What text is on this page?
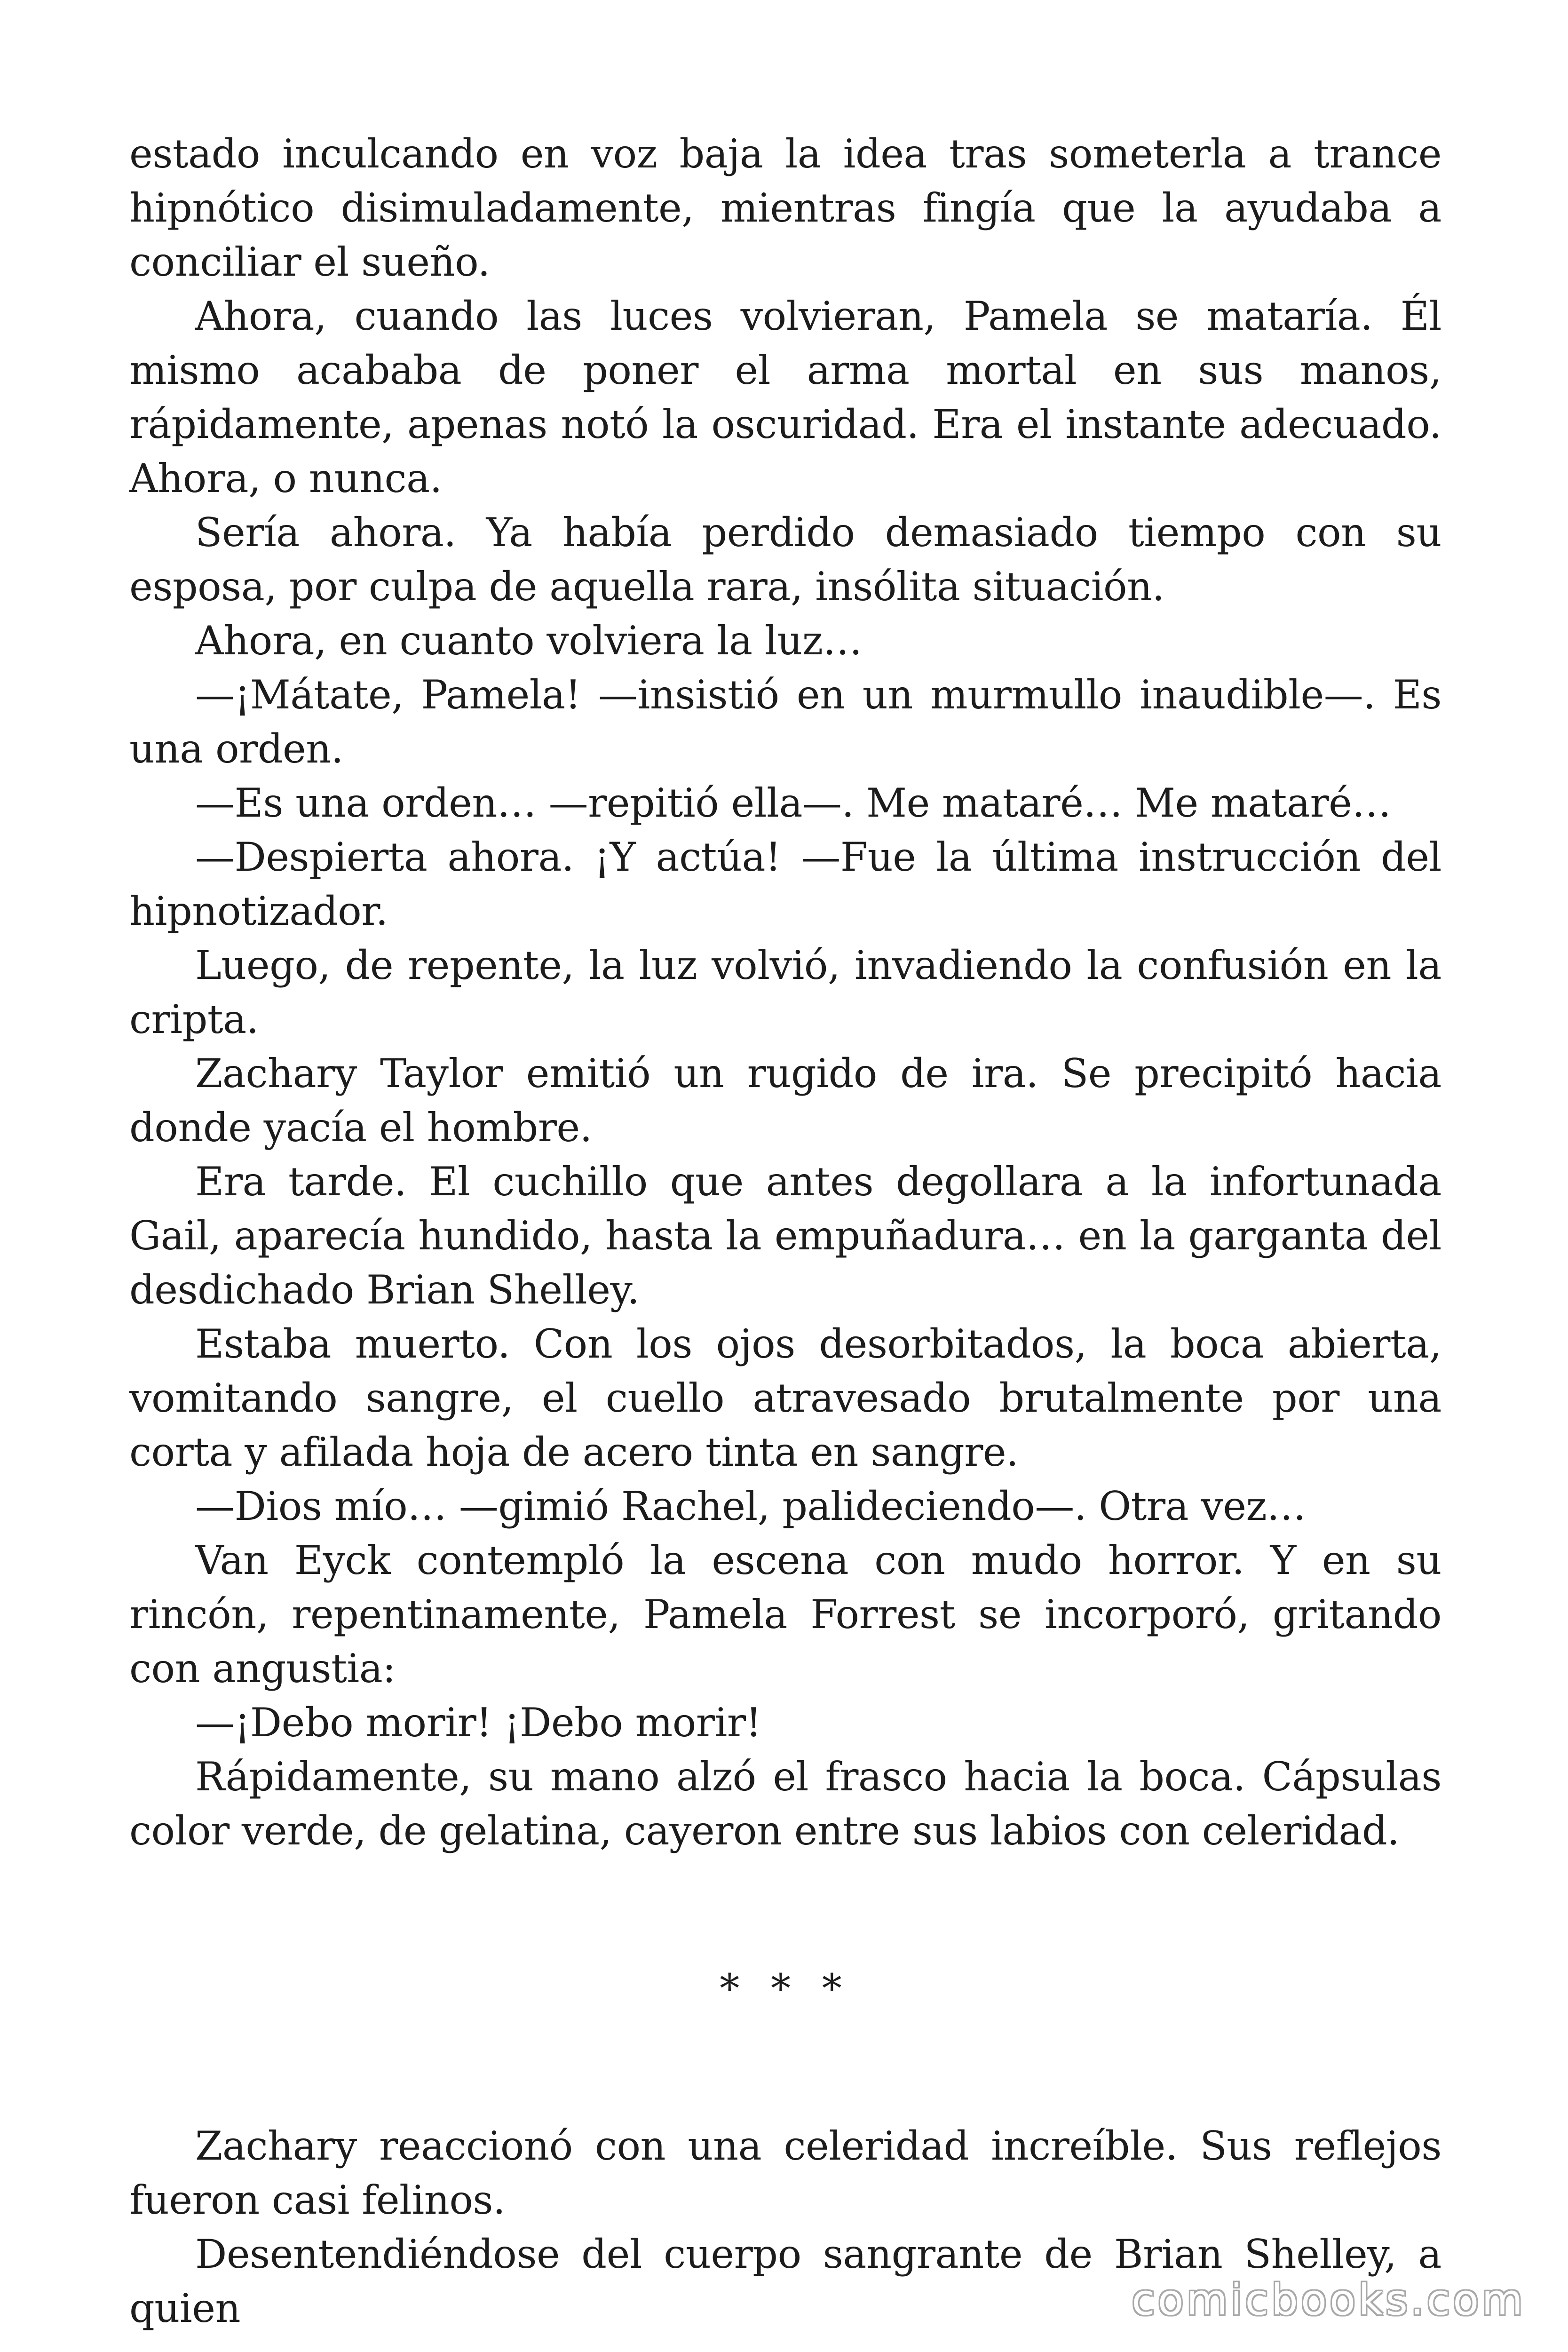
estado inculcando en voz baja la idea tras someterla a trance hipnótico disimuladamente, mientras fingía que la ayudaba a conciliar el sueño.

Ahora, cuando las luces volvieran, Pamela se mataría. Él mismo acababa de poner el arma mortal en sus manos, rápidamente, apenas notó la oscuridad. Era el instante adecuado. Ahora, o nunca.

Sería ahora. Ya había perdido demasiado tiempo con su esposa, por culpa de aquella rara, insólita situación.

Ahora, en cuanto volviera la luz…

—¡Mátate, Pamela! —insistió en un murmullo inaudible—. Es una orden.

—Es una orden… —repitió ella—. Me mataré… Me mataré…

—Despierta ahora. ¡Y actúa! —Fue la última instrucción del hipnotizador.

Luego, de repente, la luz volvió, invadiendo la confusión en la cripta.

Zachary Taylor emitió un rugido de ira. Se precipitó hacia donde yacía el hombre.

Era tarde. El cuchillo que antes degollara a la infortunada Gail, aparecía hundido, hasta la empuñadura… en la garganta del desdichado Brian Shelley.

Estaba muerto. Con los ojos desorbitados, la boca abierta, vomitando sangre, el cuello atravesado brutalmente por una corta y afilada hoja de acero tinta en sangre.

—Dios mío… —gimió Rachel, palideciendo—. Otra vez…

Van Eyck contempló la escena con mudo horror. Y en su rincón, repentinamente, Pamela Forrest se incorporó, gritando con angustia:

—¡Debo morir! ¡Debo morir!

Rápidamente, su mano alzó el frasco hacia la boca. Cápsulas color verde, de gelatina, cayeron entre sus labios con celeridad.

* * *

Zachary reaccionó con una celeridad increíble. Sus reflejos fueron casi felinos.

Desentendiéndose del cuerpo sangrante de Brian Shelley, a quien	comicbooks.com
